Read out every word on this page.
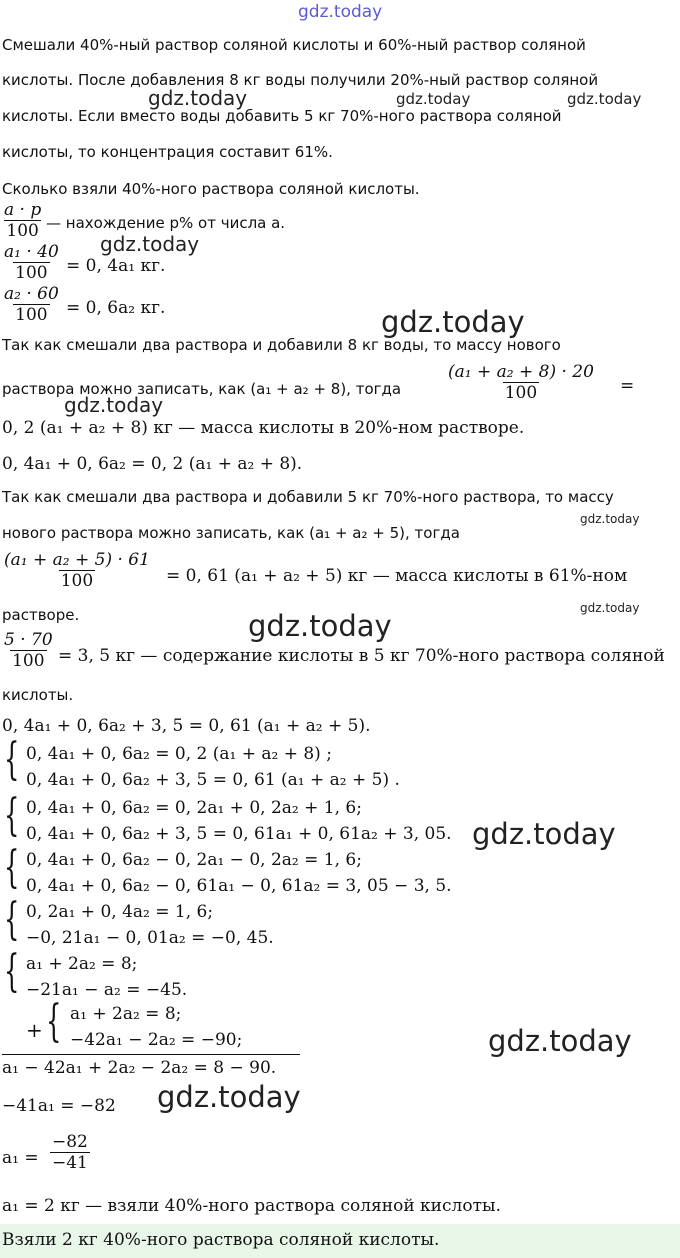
gdz.today
gdz.today	gdz.today	gdz.today
gdz.today
gdz.today
gdz.today
gdz.today
gdz.today
gdz.today
gdz.today
gdz.today
gdz.today
Смешали 40%-ный раствор соляной кислоты и 60%-ный раствор соляной
кислоты. После добавления 8 кг воды получили 20%-ный раствор соляной
кислоты. Если вместо воды добавить 5 кг 70%-ного раствора соляной
кислоты, то концентрация составит 61%.
Сколько взяли 40%-ного раствора соляной кислоты.
$\frac{a \cdot p}{100}$ — нахождение p% от числа a.
$\frac{\text{a₁ · 40}}{100} = 0$, 4a₁ кг.
$\frac{\text{a₂ · 60}}{100} = 0$, 6a₂ кг.
Так как смешали два раствора и добавили 8 кг воды, то массу нового
раствора можно записать, как (a₁ + a₂ + 8), тогда	$\frac{\text{(a₁ + a₂ + 8) · 20}}{100}$ =
0, 2 (a₁ + a₂ + 8) кг — масса кислоты в 20%-ном растворе.
0, 4a₁ + 0, 6a₂ = 0, 2 (a₁ + a₂ + 8).
Так как смешали два раствора и добавили 5 кг 70%-ного раствора, то массу
нового раствора можно записать, как (a₁ + a₂ + 5), тогда
$\frac{\text{(a₁ + a₂ + 5) · 61}}{100} = 0$, 61 (a₁ + a₂ + 5) кг — масса кислоты в 61%-ном
растворе.
$\frac{5 \cdot 70}{100} = 3$, 5 кг — содержание кислоты в 5 кг 70%-ного раствора соляной
кислоты.
0, 4a₁ + 0, 6a₂ + 3, 5 = 0, 61 (a₁ + a₂ + 5).
{ 0, 4a₁ + 0, 6a₂ = 0, 2 (a₁ + a₂ + 8) ;
0, 4a₁ + 0, 6a₂ + 3, 5 = 0, 61 (a₁ + a₂ + 5) .
{ 0, 4a₁ + 0, 6a₂ = 0, 2a₁ + 0, 2a₂ + 1, 6;
0, 4a₁ + 0, 6a₂ + 3, 5 = 0, 61a₁ + 0, 61a₂ + 3, 05.
{ 0, 4a₁ + 0, 6a₂ − 0, 2a₁ − 0, 2a₂ = 1, 6;
0, 4a₁ + 0, 6a₂ − 0, 61a₁ − 0, 61a₂ = 3, 05 − 3, 5.
{ 0, 2a₁ + 0, 4a₂ = 1, 6;
−0, 21a₁ − 0, 01a₂ = −0, 45.
{ a₁ + 2a₂ = 8;
−21a₁ − a₂ = −45.
+ { a₁ + 2a₂ = 8;
−42a₁ − 2a₂ = −90;
a₁ − 42a₁ + 2a₂ − 2a₂ = 8 − 90.
−41a₁ = −82
$a_1 = \frac{-82}{-41}$
a₁ = 2 кг — взяли 40%-ного раствора соляной кислоты.
Взяли 2 кг 40%-ного раствора соляной кислоты.
